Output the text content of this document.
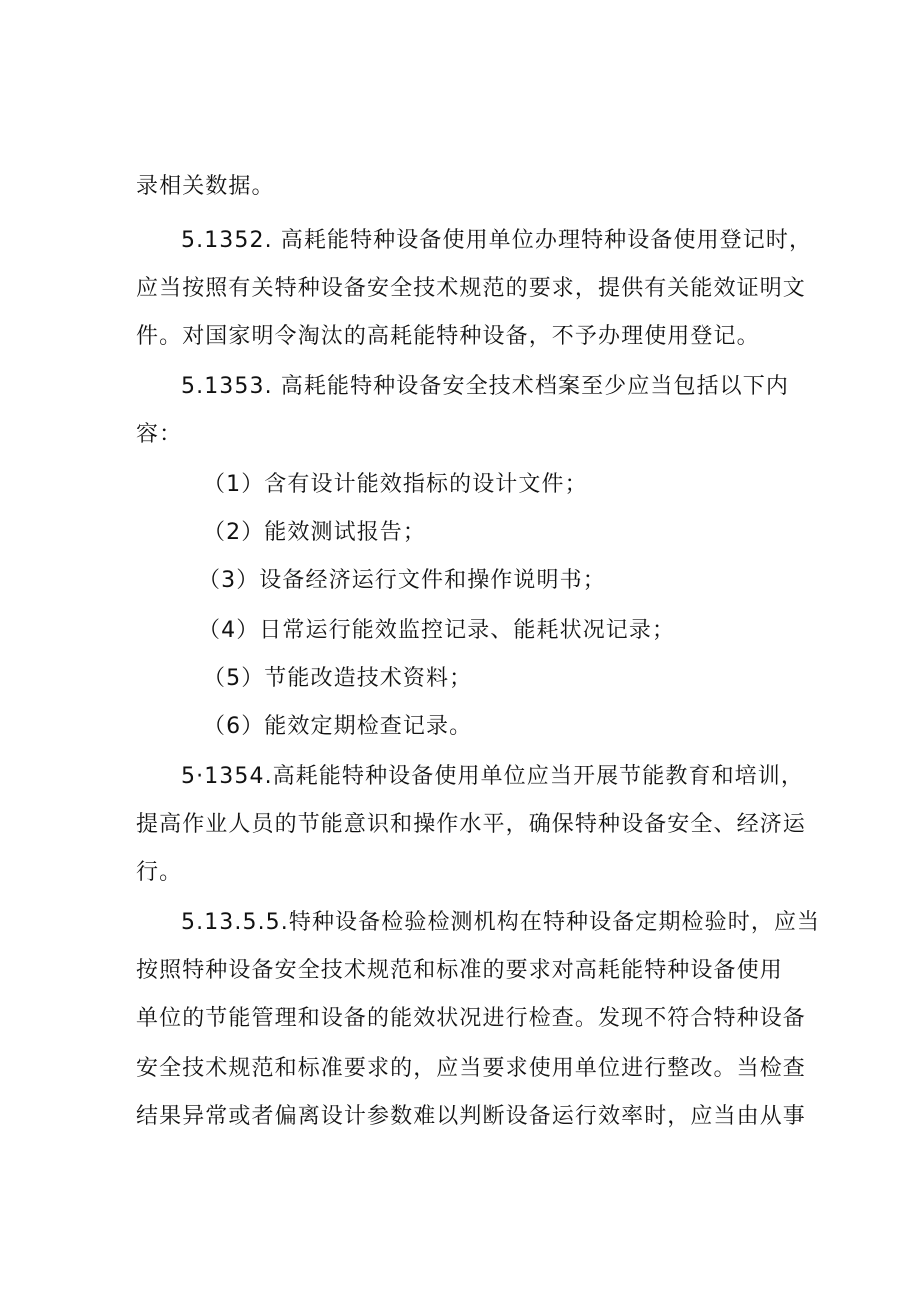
录相关数据。
5.1352. 高耗能特种设备使用单位办理特种设备使用登记时，
应当按照有关特种设备安全技术规范的要求，提供有关能效证明文
件。对国家明令淘汰的高耗能特种设备，不予办理使用登记。
5.1353. 高耗能特种设备安全技术档案至少应当包括以下内
容：
（1）含有设计能效指标的设计文件；
（2）能效测试报告；
（3）设备经济运行文件和操作说明书；
（4）日常运行能效监控记录、能耗状况记录；
（5）节能改造技术资料；
（6）能效定期检查记录。
5·1354.高耗能特种设备使用单位应当开展节能教育和培训，
提高作业人员的节能意识和操作水平，确保特种设备安全、经济运
行。
5.13.5.5.特种设备检验检测机构在特种设备定期检验时，应当
按照特种设备安全技术规范和标准的要求对高耗能特种设备使用
单位的节能管理和设备的能效状况进行检查。发现不符合特种设备
安全技术规范和标准要求的，应当要求使用单位进行整改。当检查
结果异常或者偏离设计参数难以判断设备运行效率时，应当由从事
